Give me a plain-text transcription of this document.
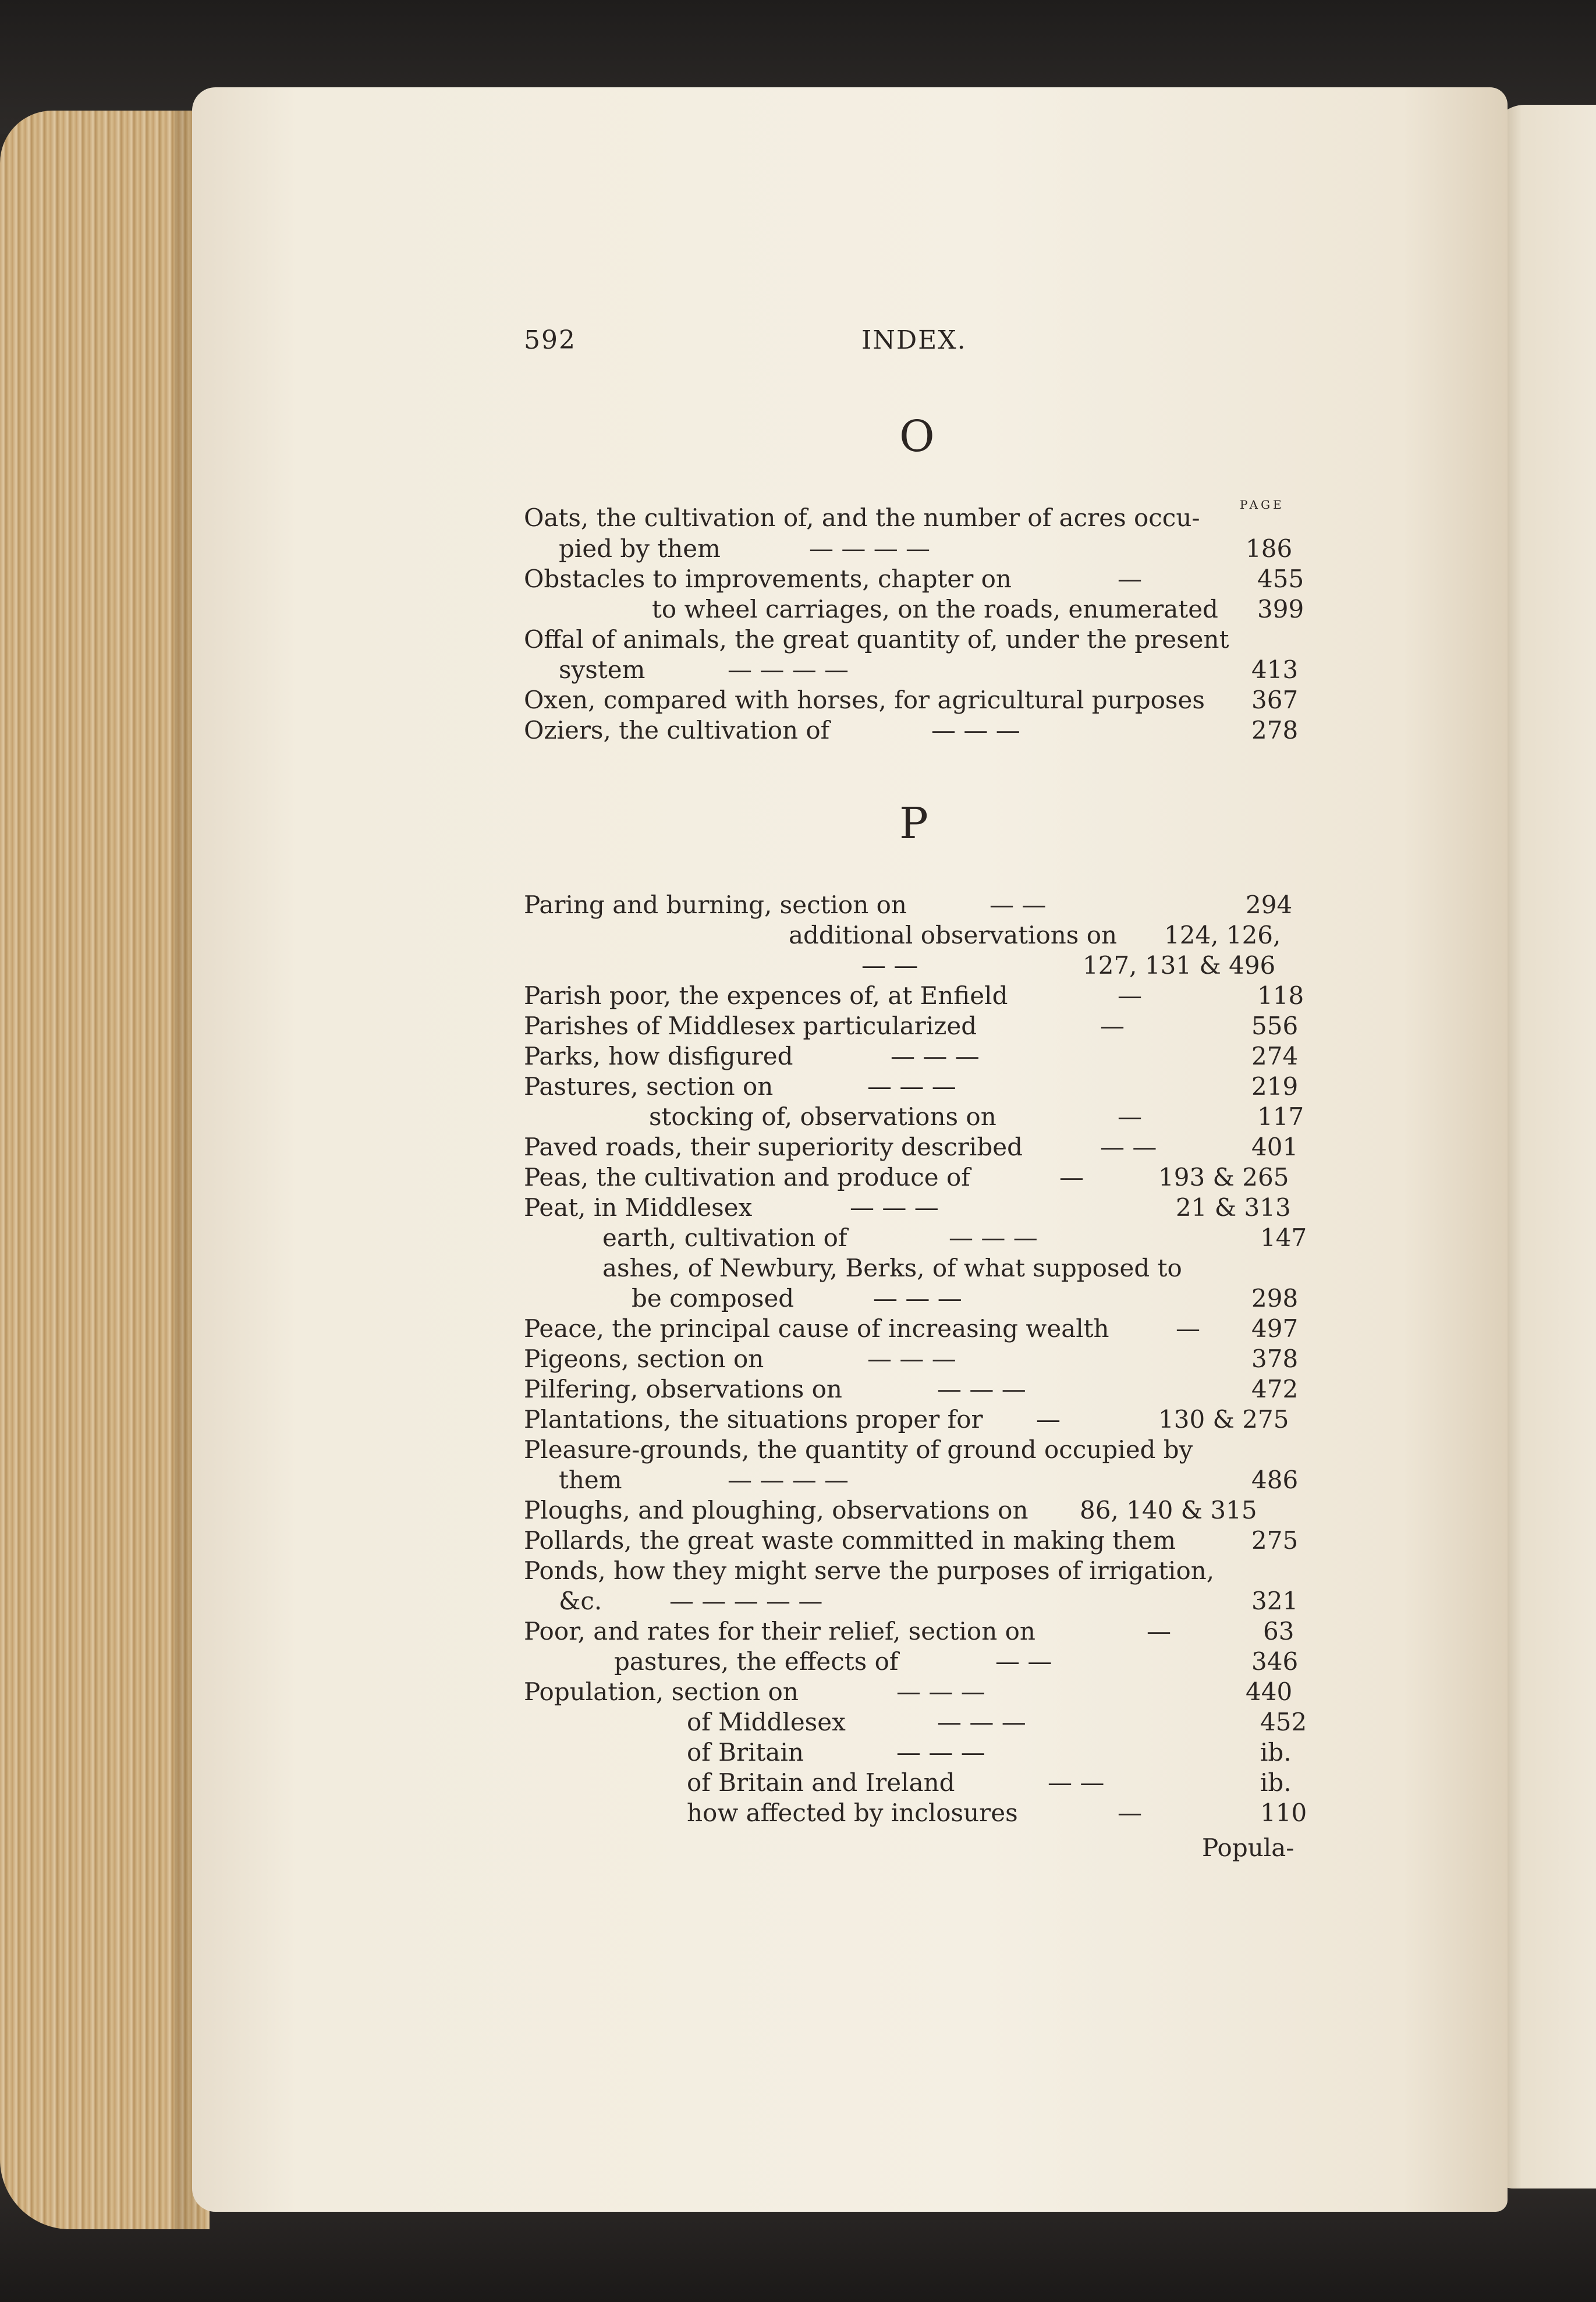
592	INDEX.
O
PAGE
Oats, the cultivation of, and the number of acres occu-
pied by them	— — — —	186
Obstacles to improvements, chapter on	—	455
to wheel carriages, on the roads, enumerated 399
Offal of animals, the great quantity of, under the present
system	— — — —	413
Oxen, compared with horses, for agricultural purposes 367
Oziers, the cultivation of	— — —	278
P
Paring and burning, section on	— —	294
additional observations on 124, 126,
— —	127, 131 & 496
Parish poor, the expences of, at Enfield	—	118
Parishes of Middlesex particularized	—	556
Parks, how disfigured	— — —	274
Pastures, section on	— — —	219
stocking of, observations on	—	117
Paved roads, their superiority described	— —	401
Peas, the cultivation and produce of	—	193 & 265
Peat, in Middlesex	— — —	21 & 313
earth, cultivation of	— — —	147
ashes, of Newbury, Berks, of what supposed to
be composed	— — —	298
Peace, the principal cause of increasing wealth	— 497
Pigeons, section on	— — —	378
Pilfering, observations on	— — —	472
Plantations, the situations proper for —	130 & 275
Pleasure-grounds, the quantity of ground occupied by
them	— — — —	486
Ploughs, and ploughing, observations on 86, 140 & 315
Pollards, the great waste committed in making them	275
Ponds, how they might serve the purposes of irrigation,
&c.	— — — — —	321
Poor, and rates for their relief, section on	—	63
pastures, the effects of	— —	346
Population, section on	— — —	440
of Middlesex	— — —	452
of Britain	— — —	ib.
of Britain and Ireland	— —	ib.
how affected by inclosures	—	110
Popula-
